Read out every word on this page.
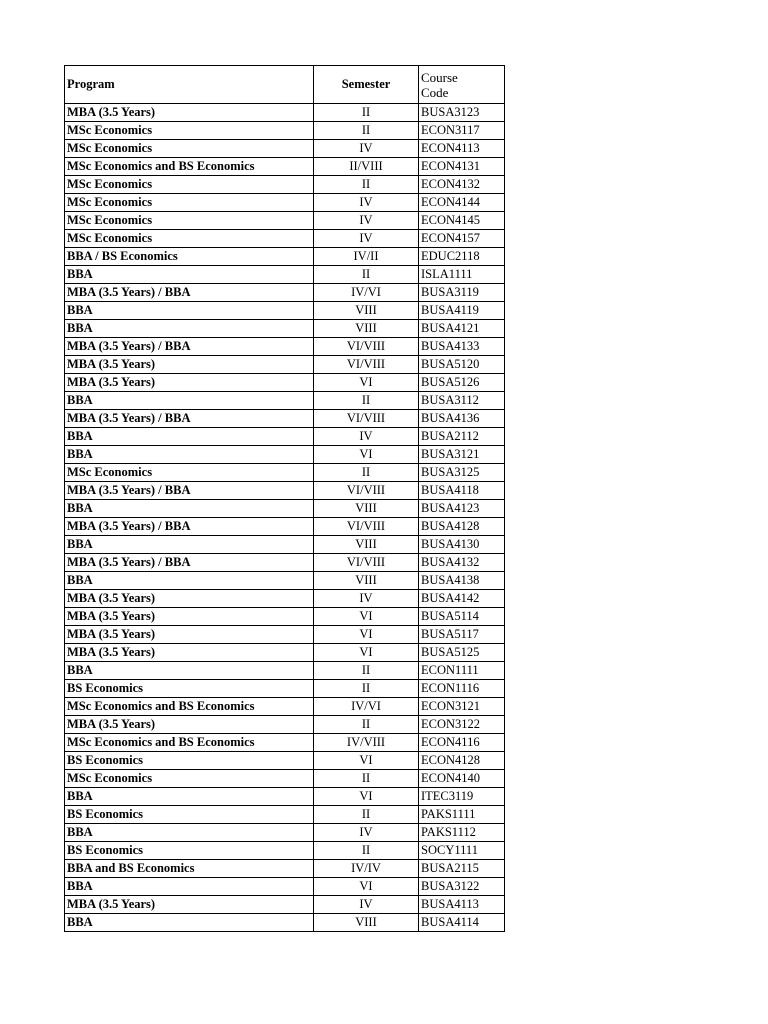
Program	Semester	Course
Code
MBA (3.5 Years)	II	BUSA3123
MSc Economics	II	ECON3117
MSc Economics	IV	ECON4113
MSc Economics and BS Economics	II/VIII	ECON4131
MSc Economics	II	ECON4132
MSc Economics	IV	ECON4144
MSc Economics	IV	ECON4145
MSc Economics	IV	ECON4157
BBA / BS Economics	IV/II	EDUC2118
BBA	II	ISLA1111
MBA (3.5 Years) / BBA	IV/VI	BUSA3119
BBA	VIII	BUSA4119
BBA	VIII	BUSA4121
MBA (3.5 Years) / BBA	VI/VIII	BUSA4133
MBA (3.5 Years)	VI/VIII	BUSA5120
MBA (3.5 Years)	VI	BUSA5126
BBA	II	BUSA3112
MBA (3.5 Years) / BBA	VI/VIII	BUSA4136
BBA	IV	BUSA2112
BBA	VI	BUSA3121
MSc Economics	II	BUSA3125
MBA (3.5 Years) / BBA	VI/VIII	BUSA4118
BBA	VIII	BUSA4123
MBA (3.5 Years) / BBA	VI/VIII	BUSA4128
BBA	VIII	BUSA4130
MBA (3.5 Years) / BBA	VI/VIII	BUSA4132
BBA	VIII	BUSA4138
MBA (3.5 Years)	IV	BUSA4142
MBA (3.5 Years)	VI	BUSA5114
MBA (3.5 Years)	VI	BUSA5117
MBA (3.5 Years)	VI	BUSA5125
BBA	II	ECON1111
BS Economics	II	ECON1116
MSc Economics and BS Economics	IV/VI	ECON3121
MBA (3.5 Years)	II	ECON3122
MSc Economics and BS Economics	IV/VIII	ECON4116
BS Economics	VI	ECON4128
MSc Economics	II	ECON4140
BBA	VI	ITEC3119
BS Economics	II	PAKS1111
BBA	IV	PAKS1112
BS Economics	II	SOCY1111
BBA and BS Economics	IV/IV	BUSA2115
BBA	VI	BUSA3122
MBA (3.5 Years)	IV	BUSA4113
BBA	VIII	BUSA4114
